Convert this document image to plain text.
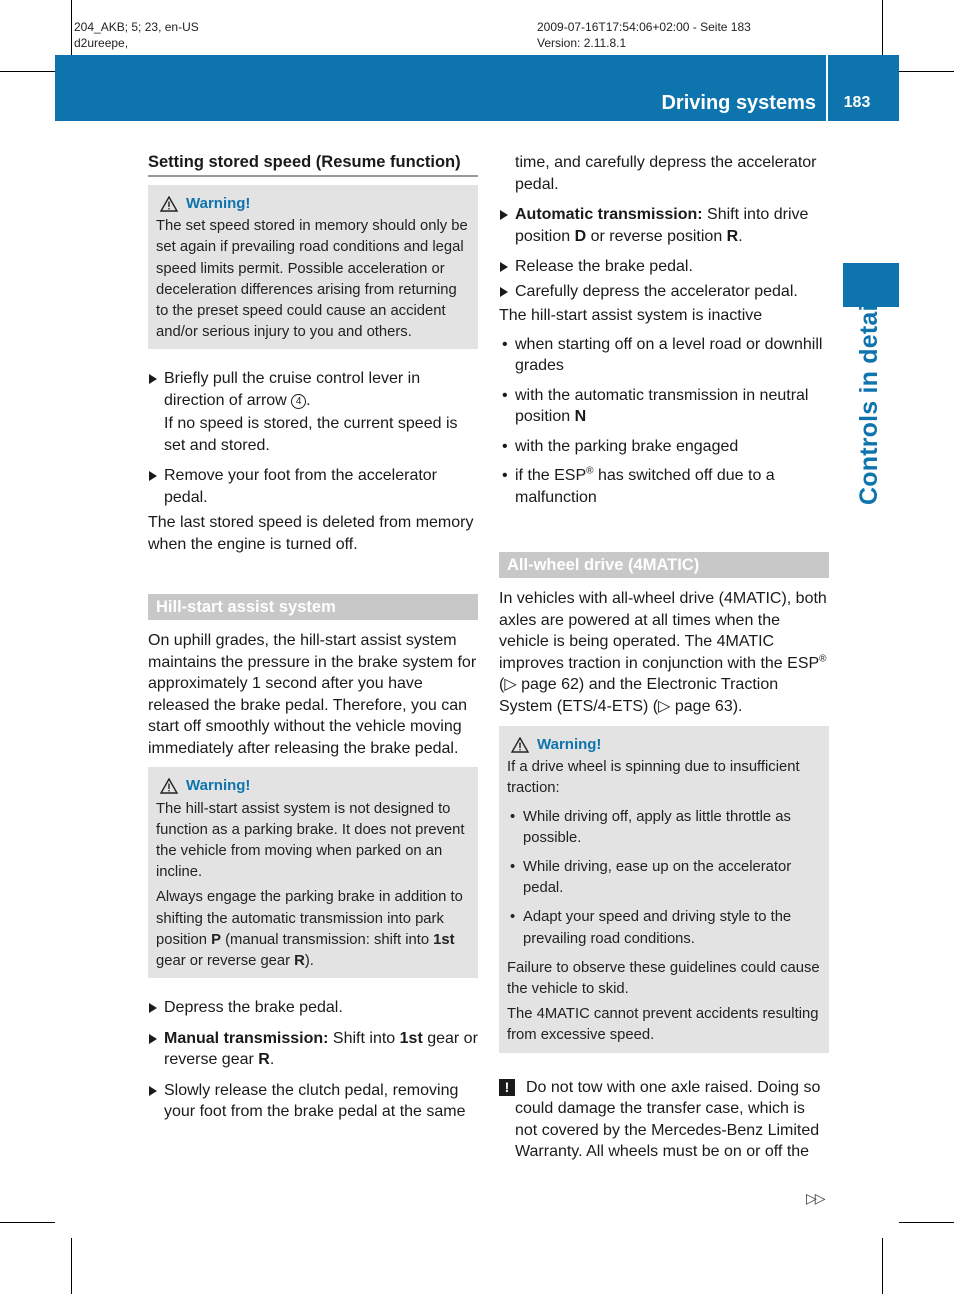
204_AKB; 5; 23, en-US
d2ureepe,
2009-07-16T17:54:06+02:00 - Seite 183
Version: 2.11.8.1
Driving systems	183
Controls in detail
Setting stored speed (Resume function)
Warning!

The set speed stored in memory should only be set again if prevailing road conditions and legal speed limits permit. Possible acceleration or deceleration differences arising from returning to the preset speed could cause an accident and/or serious injury to you and others.

Briefly pull the cruise control lever in direction of arrow 4 .
If no speed is stored, the current speed is set and stored.
Remove your foot from the accelerator pedal.

The last stored speed is deleted from memory when the engine is turned off.

Hill-start assist system

On uphill grades, the hill-start assist system maintains the pressure in the brake system for approximately 1 second after you have released the brake pedal. Therefore, you can start off smoothly without the vehicle moving immediately after releasing the brake pedal.

Warning!

The hill-start assist system is not designed to function as a parking brake. It does not prevent the vehicle from moving when parked on an incline.

Always engage the parking brake in addition to shifting the automatic transmission into park position P (manual transmission: shift into 1st gear or reverse gear R).

Depress the brake pedal.
Manual transmission: Shift into 1st gear or reverse gear R.
Slowly release the clutch pedal, removing your foot from the brake pedal at the same

time, and carefully depress the accelerator pedal.

Automatic transmission: Shift into drive position D or reverse position R.
Release the brake pedal.
Carefully depress the accelerator pedal.

The hill-start assist system is inactive

• when starting off on a level road or downhill grades
• with the automatic transmission in neutral position N
• with the parking brake engaged
• if the ESP® has switched off due to a malfunction
All-wheel drive (4MATIC)

In vehicles with all-wheel drive (4MATIC), both axles are powered at all times when the vehicle is being operated. The 4MATIC improves traction in conjunction with the ESP® (▷ page 62) and the Electronic Traction System (ETS/4-ETS) (▷ page 63).

Warning!

If a drive wheel is spinning due to insufficient traction:

• While driving off, apply as little throttle as possible.
• While driving, ease up on the accelerator pedal.
• Adapt your speed and driving style to the prevailing road conditions.

Failure to observe these guidelines could cause the vehicle to skid.

The 4MATIC cannot prevent accidents resulting from excessive speed.

!	Do not tow with one axle raised. Doing so could damage the transfer case, which is not covered by the Mercedes-Benz Limited Warranty. All wheels must be on or off the
▷▷
